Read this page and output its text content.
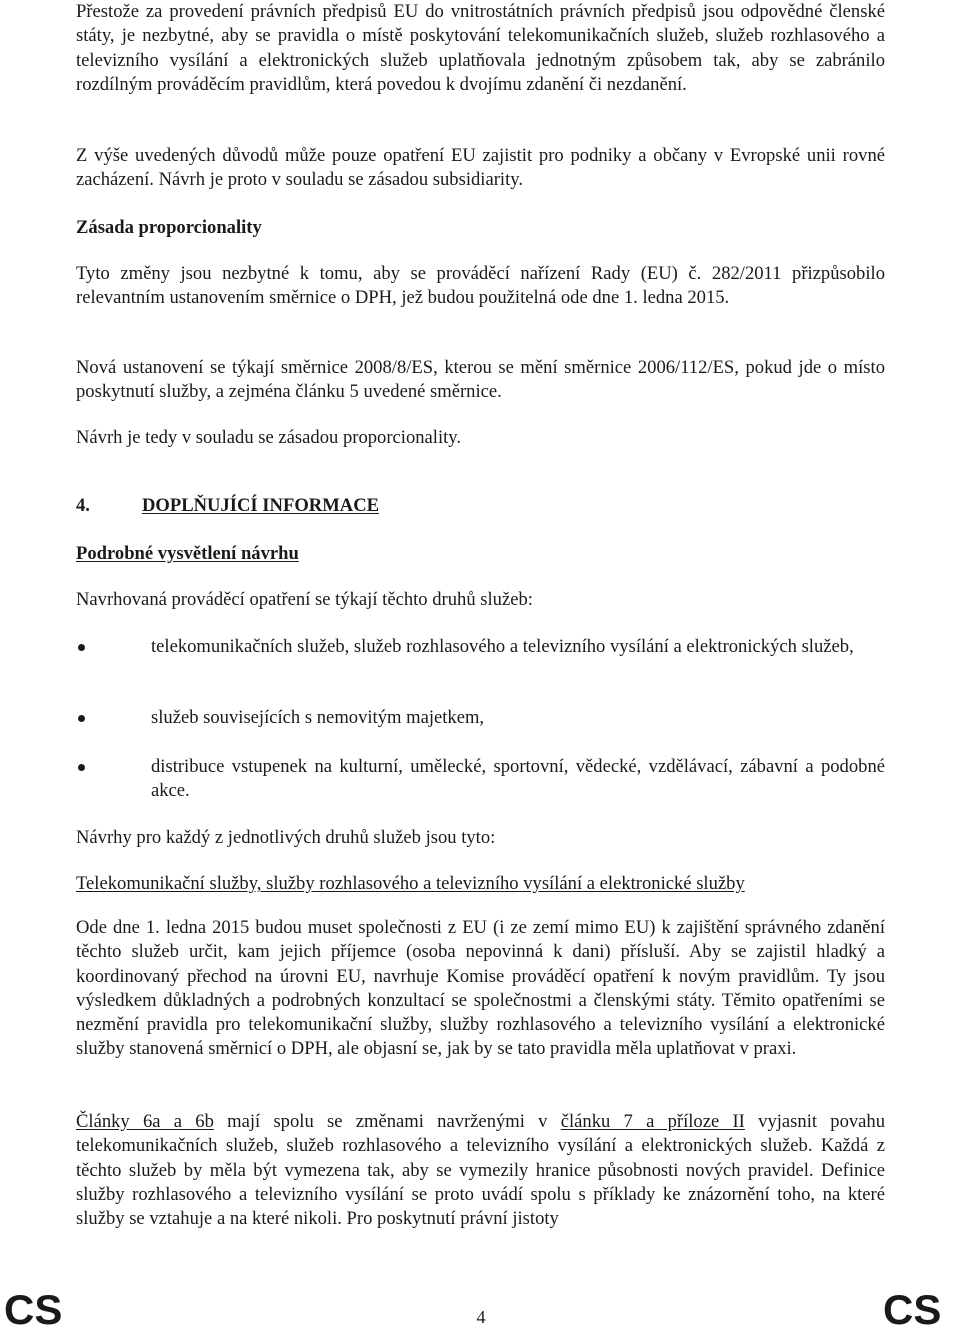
Přestože za provedení právních předpisů EU do vnitrostátních právních předpisů jsou odpovědné členské státy, je nezbytné, aby se pravidla o místě poskytování telekomunikačních služeb, služeb rozhlasového a televizního vysílání a elektronických služeb uplatňovala jednotným způsobem tak, aby se zabránilo rozdílným prováděcím pravidlům, která povedou k dvojímu zdanění či nezdanění.

Z výše uvedených důvodů může pouze opatření EU zajistit pro podniky a občany v Evropské unii rovné zacházení. Návrh je proto v souladu se zásadou subsidiarity.

Zásada proporcionality

Tyto změny jsou nezbytné k tomu, aby se prováděcí nařízení Rady (EU) č. 282/2011 přizpůsobilo relevantním ustanovením směrnice o DPH, jež budou použitelná ode dne 1. ledna 2015.

Nová ustanovení se týkají směrnice 2008/8/ES, kterou se mění směrnice 2006/112/ES, pokud jde o místo poskytnutí služby, a zejména článku 5 uvedené směrnice.

Návrh je tedy v souladu se zásadou proporcionality.

4.	DOPLŇUJÍCÍ INFORMACE

Podrobné vysvětlení návrhu

Navrhovaná prováděcí opatření se týkají těchto druhů služeb:

telekomunikačních služeb, služeb rozhlasového a televizního vysílání a elektronických služeb,
služeb souvisejících s nemovitým majetkem,
distribuce vstupenek na kulturní, umělecké, sportovní, vědecké, vzdělávací, zábavní a podobné akce.

Návrhy pro každý z jednotlivých druhů služeb jsou tyto:

Telekomunikační služby, služby rozhlasového a televizního vysílání a elektronické služby

Ode dne 1. ledna 2015 budou muset společnosti z EU (i ze zemí mimo EU) k zajištění správného zdanění těchto služeb určit, kam jejich příjemce (osoba nepovinná k dani) přísluší. Aby se zajistil hladký a koordinovaný přechod na úrovni EU, navrhuje Komise prováděcí opatření k novým pravidlům. Ty jsou výsledkem důkladných a podrobných konzultací se společnostmi a členskými státy. Těmito opatřeními se nezmění pravidla pro telekomunikační služby, služby rozhlasového a televizního vysílání a elektronické služby stanovená směrnicí o DPH, ale objasní se, jak by se tato pravidla měla uplatňovat v praxi.

Články 6a a 6b mají spolu se změnami navrženými v článku 7 a příloze II vyjasnit povahu telekomunikačních služeb, služeb rozhlasového a televizního vysílání a elektronických služeb. Každá z těchto služeb by měla být vymezena tak, aby se vymezily hranice působnosti nových pravidel. Definice služby rozhlasového a televizního vysílání se proto uvádí spolu s příklady ke znázornění toho, na které služby se vztahuje a na které nikoli. Pro poskytnutí právní jistoty

CS	4	CS
